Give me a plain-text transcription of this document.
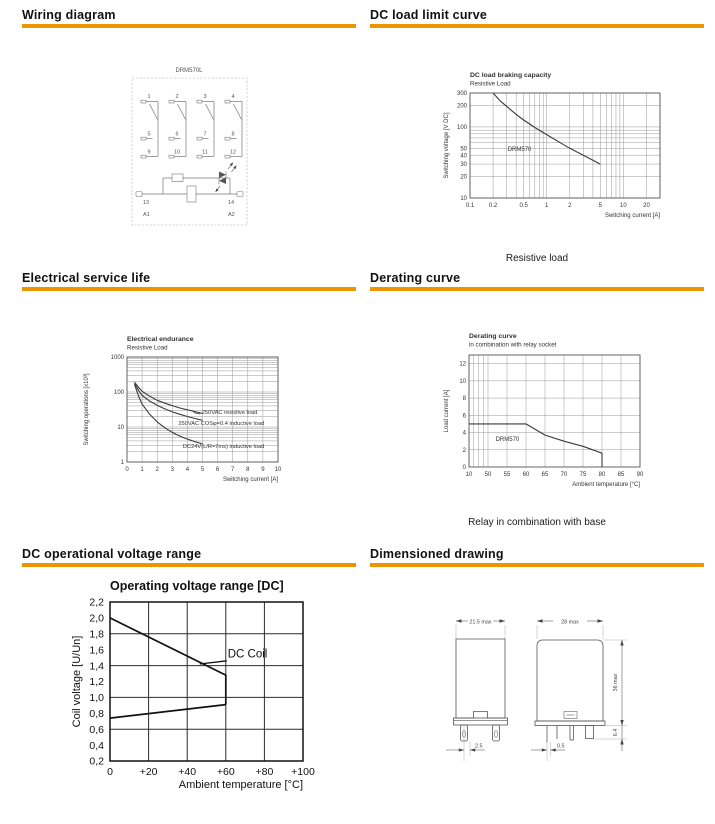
Wiring diagram	DC load limit curve
Electrical service life	Derating curve
DC operational voltage range	Dimensioned drawing
Resistive load
Relay in combination with base
DRM570L
1
5
9
2
6
10
3
7
11
4
8
12
13	14
A1	A2
DRM570
0.1 0.2	0.5	1	2	5	10	20
10
20
30
40
50
100
200
300
DC load braking capacity
Resistive Load
Switching current [A]
Switching voltage [V DC]
250VAC resistive load
250VAC COSφ=0.4 inductive load
DC24V(L/R=7ms) inductive load
0 1 2 3 4 5 6 7 8 9 10
1
10
100
1000
Electrical endurance
Resistive Load
Switching current [A]
Switching operations [x10³]	DRM570
10 50 55 60 65 70 75 80 85 90
0
2
4
6
8
10
12
Derating curve
in combination with relay socket
Ambient temperature [°C]
Load current [A]
DC Coil
0	+20 +40 +60 +80 +100
0,2
0,4
0,6
0,8
1,0
1,2
1,4
1,6
1,8
2,0
2,2
Operating voltage range [DC]
Ambient temperature [°C]
Coil voltage [U/Un]
21.5 max
2.5
28 max
36 max
6.4
0.5
